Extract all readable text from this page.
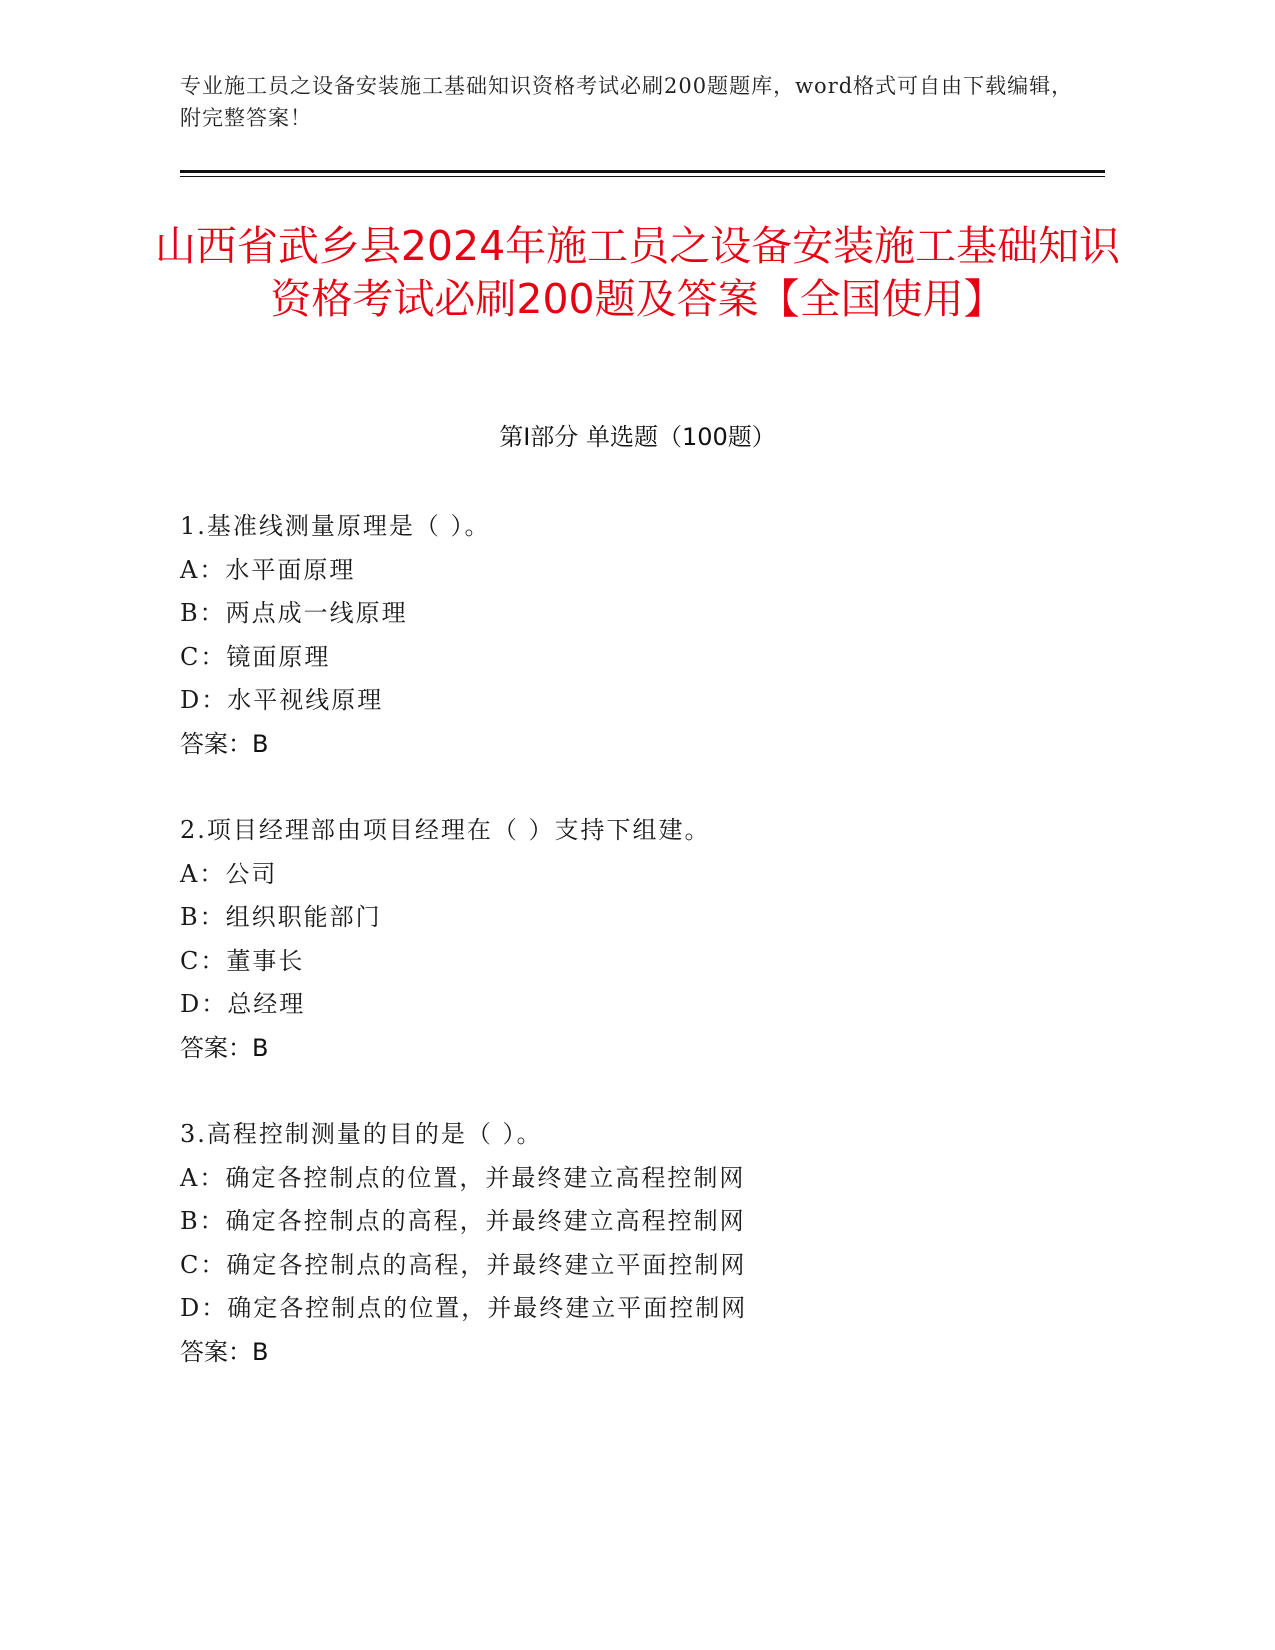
专业施工员之设备安装施工基础知识资格考试必刷200题题库，word格式可自由下载编辑，附完整答案！
山西省武乡县2024年施工员之设备安装施工基础知识资格考试必刷200题及答案【全国使用】
第Ⅰ部分 单选题（100题）
1.基准线测量原理是（ ）。
A：水平面原理
B：两点成一线原理
C：镜面原理
D：水平视线原理
答案：B
2.项目经理部由项目经理在（ ）支持下组建。
A：公司
B：组织职能部门
C：董事长
D：总经理
答案：B
3.高程控制测量的目的是（ ）。
A：确定各控制点的位置，并最终建立高程控制网
B：确定各控制点的高程，并最终建立高程控制网
C：确定各控制点的高程，并最终建立平面控制网
D：确定各控制点的位置，并最终建立平面控制网
答案：B
